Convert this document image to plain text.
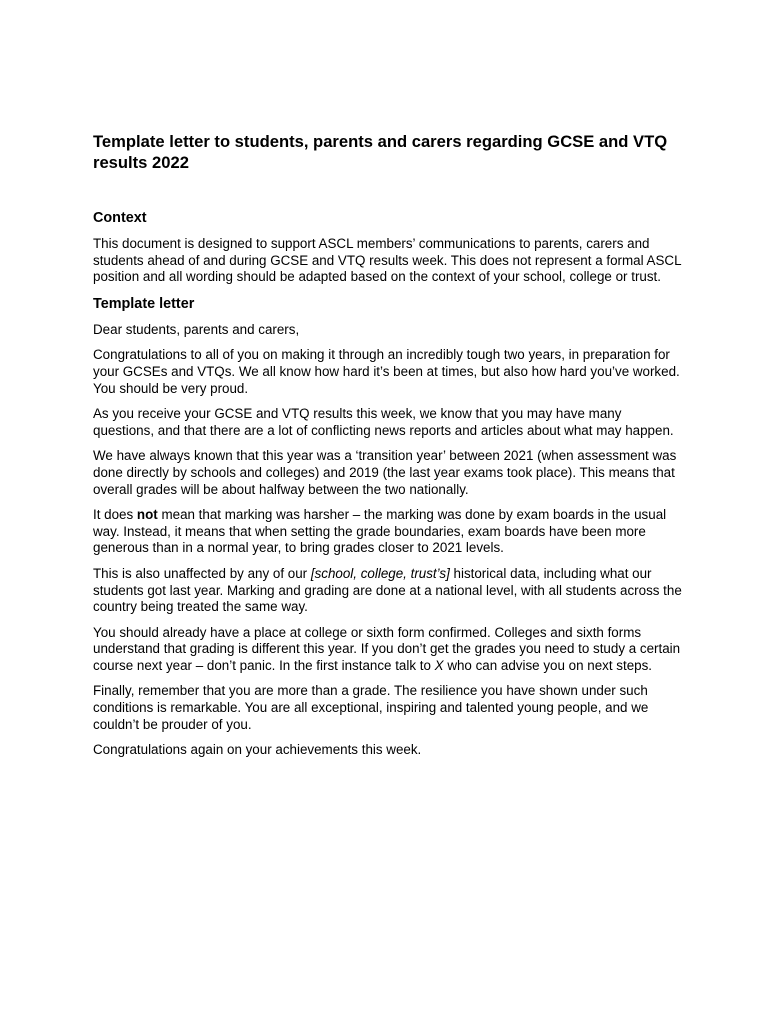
Template letter to students, parents and carers regarding GCSE and VTQ results 2022
Context

This document is designed to support ASCL members’ communications to parents, carers and students ahead of and during GCSE and VTQ results week. This does not represent a formal ASCL position and all wording should be adapted based on the context of your school, college or trust.

Template letter

Dear students, parents and carers,

Congratulations to all of you on making it through an incredibly tough two years, in preparation for your GCSEs and VTQs. We all know how hard it’s been at times, but also how hard you’ve worked. You should be very proud.

As you receive your GCSE and VTQ results this week, we know that you may have many questions, and that there are a lot of conflicting news reports and articles about what may happen.

We have always known that this year was a ‘transition year’ between 2021 (when assessment was done directly by schools and colleges) and 2019 (the last year exams took place). This means that overall grades will be about halfway between the two nationally.

It does not mean that marking was harsher – the marking was done by exam boards in the usual way. Instead, it means that when setting the grade boundaries, exam boards have been more generous than in a normal year, to bring grades closer to 2021 levels.

This is also unaffected by any of our [school, college, trust’s] historical data, including what our students got last year. Marking and grading are done at a national level, with all students across the country being treated the same way.

You should already have a place at college or sixth form confirmed. Colleges and sixth forms understand that grading is different this year. If you don’t get the grades you need to study a certain course next year – don’t panic. In the first instance talk to X who can advise you on next steps.

Finally, remember that you are more than a grade. The resilience you have shown under such conditions is remarkable. You are all exceptional, inspiring and talented young people, and we couldn’t be prouder of you.

Congratulations again on your achievements this week.
